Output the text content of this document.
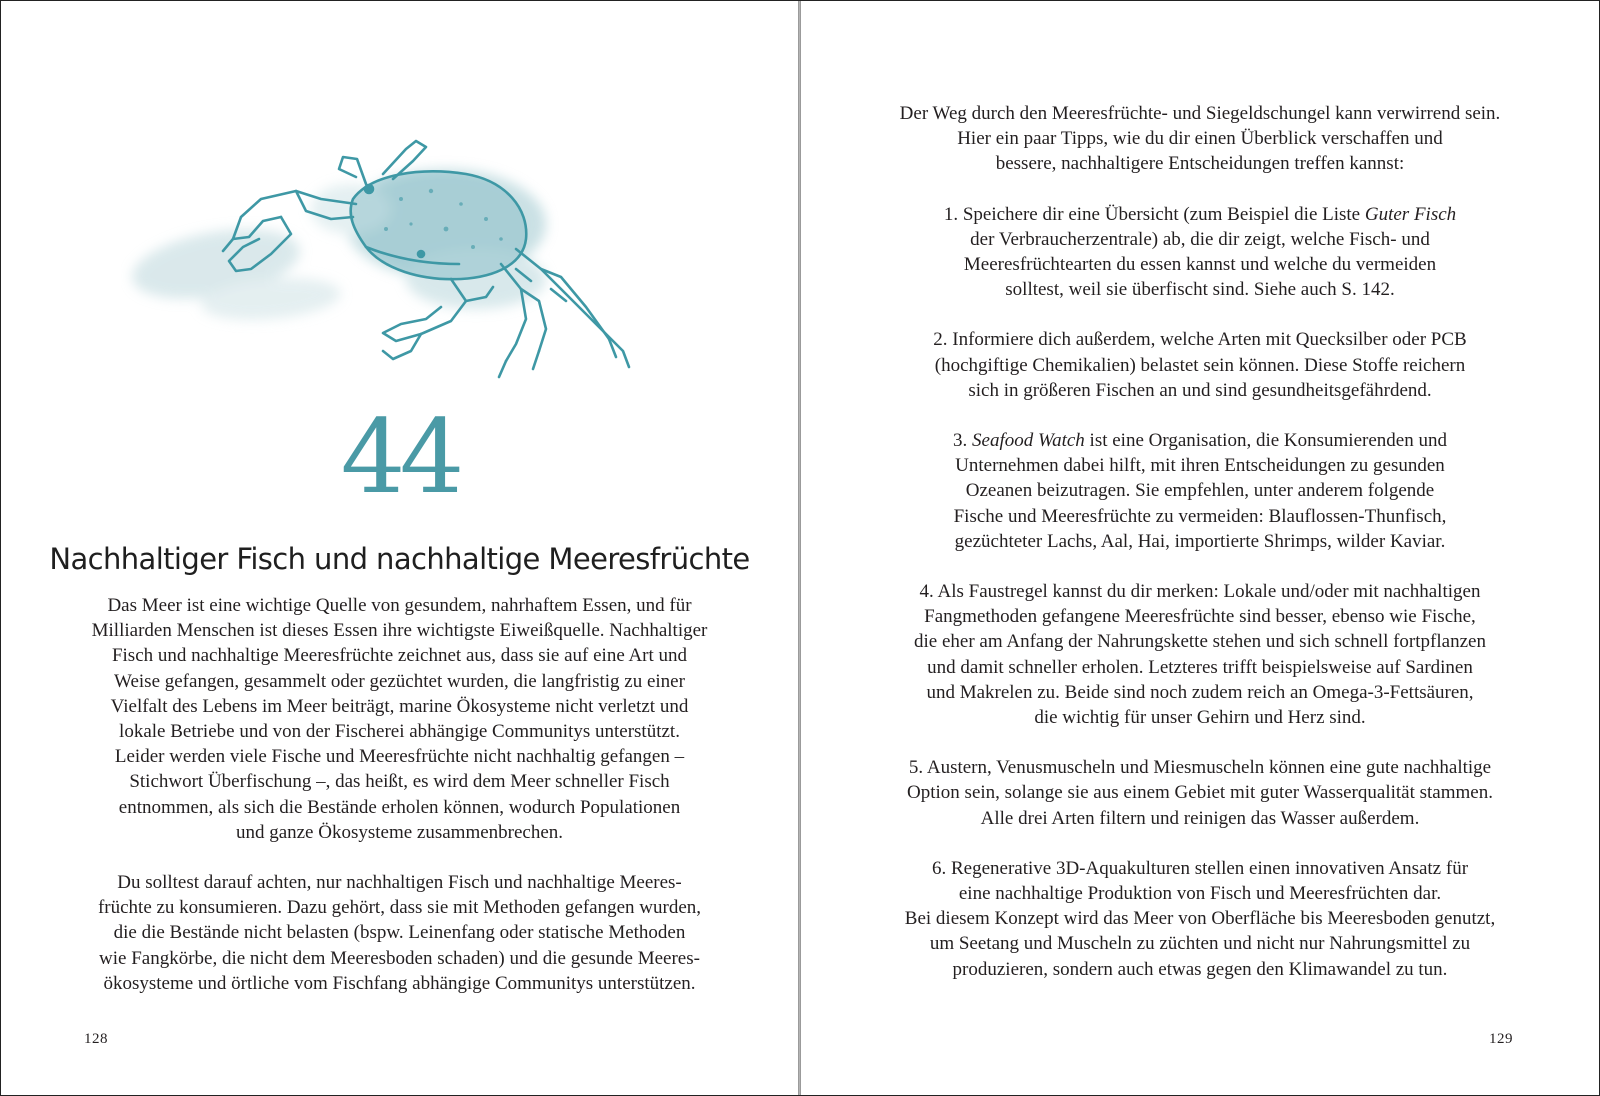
44
Nachhaltiger Fisch und nachhaltige Meeresfrüchte
Das Meer ist eine wichtige Quelle von gesundem, nahrhaftem Essen, und für
Milliarden Menschen ist dieses Essen ihre wichtigste Eiweißquelle. Nachhaltiger
Fisch und nachhaltige Meeresfrüchte zeichnet aus, dass sie auf eine Art und
Weise gefangen, gesammelt oder gezüchtet wurden, die langfristig zu einer
Vielfalt des Lebens im Meer beiträgt, marine Ökosysteme nicht verletzt und
lokale Betriebe und von der Fischerei abhängige Communitys unterstützt.
Leider werden viele Fische und Meeresfrüchte nicht nachhaltig gefangen –
Stichwort Überfischung –, das heißt, es wird dem Meer schneller Fisch
entnommen, als sich die Bestände erholen können, wodurch Populationen
und ganze Ökosysteme zusammenbrechen.
Du solltest darauf achten, nur nachhaltigen Fisch und nachhaltige Meeres-
früchte zu konsumieren. Dazu gehört, dass sie mit Methoden gefangen wurden,
die die Bestände nicht belasten (bspw. Leinenfang oder statische Methoden
wie Fangkörbe, die nicht dem Meeresboden schaden) und die gesunde Meeres-
ökosysteme und örtliche vom Fischfang abhängige Communitys unterstützen.
128
Der Weg durch den Meeresfrüchte- und Siegeldschungel kann verwirrend sein.
Hier ein paar Tipps, wie du dir einen Überblick verschaffen und
bessere, nachhaltigere Entscheidungen treffen kannst:
1. Speichere dir eine Übersicht (zum Beispiel die Liste Guter Fisch
der Verbraucherzentrale) ab, die dir zeigt, welche Fisch- und
Meeresfrüchtearten du essen kannst und welche du vermeiden
solltest, weil sie überfischt sind. Siehe auch S. 142.
2. Informiere dich außerdem, welche Arten mit Quecksilber oder PCB
(hochgiftige Chemikalien) belastet sein können. Diese Stoffe reichern
sich in größeren Fischen an und sind gesundheitsgefährdend.
3. Seafood Watch ist eine Organisation, die Konsumierenden und
Unternehmen dabei hilft, mit ihren Entscheidungen zu gesunden
Ozeanen beizutragen. Sie empfehlen, unter anderem folgende
Fische und Meeresfrüchte zu vermeiden: Blauflossen-Thunfisch,
gezüchteter Lachs, Aal, Hai, importierte Shrimps, wilder Kaviar.
4. Als Faustregel kannst du dir merken: Lokale und/oder mit nachhaltigen
Fangmethoden gefangene Meeresfrüchte sind besser, ebenso wie Fische,
die eher am Anfang der Nahrungskette stehen und sich schnell fortpflanzen
und damit schneller erholen. Letzteres trifft beispielsweise auf Sardinen
und Makrelen zu. Beide sind noch zudem reich an Omega-3-Fettsäuren,
die wichtig für unser Gehirn und Herz sind.
5. Austern, Venusmuscheln und Miesmuscheln können eine gute nachhaltige
Option sein, solange sie aus einem Gebiet mit guter Wasserqualität stammen.
Alle drei Arten filtern und reinigen das Wasser außerdem.
6. Regenerative 3D-Aquakulturen stellen einen innovativen Ansatz für
eine nachhaltige Produktion von Fisch und Meeresfrüchten dar.
Bei diesem Konzept wird das Meer von Oberfläche bis Meeresboden genutzt,
um Seetang und Muscheln zu züchten und nicht nur Nahrungsmittel zu
produzieren, sondern auch etwas gegen den Klimawandel zu tun.
129
